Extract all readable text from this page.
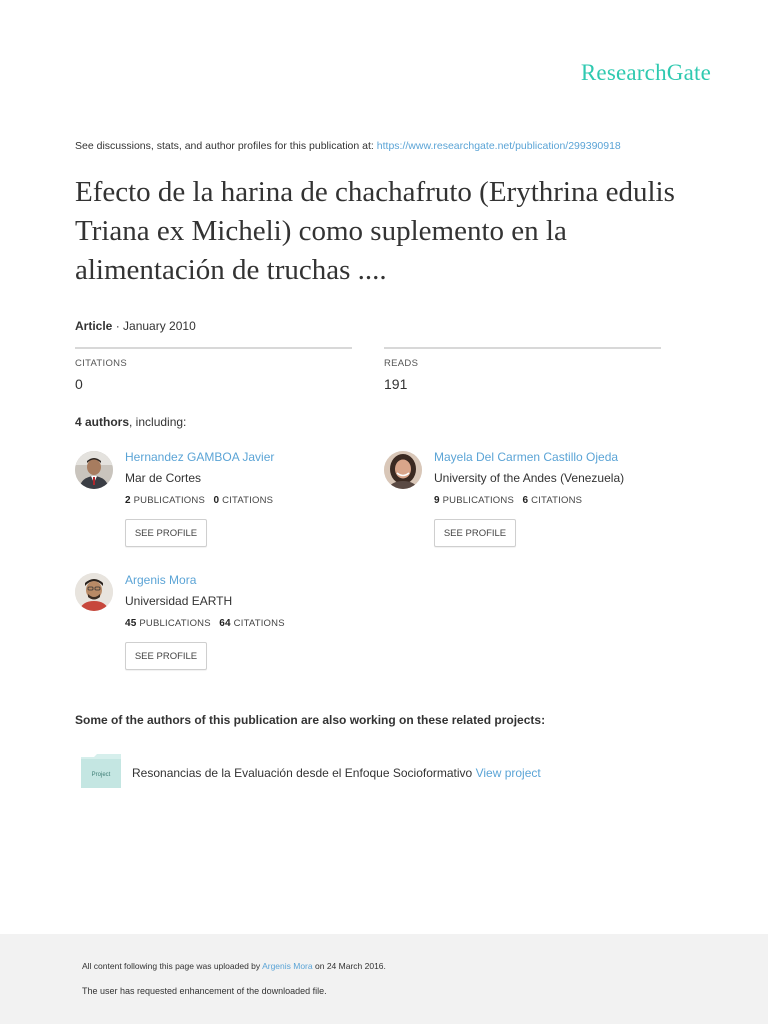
ResearchGate
See discussions, stats, and author profiles for this publication at: https://www.researchgate.net/publication/299390918
Efecto de la harina de chachafruto (Erythrina edulis Triana ex Micheli) como suplemento en la alimentación de truchas ....
Article · January 2010
CITATIONS
0
READS
191
4 authors, including:
Hernandez GAMBOA Javier
Mar de Cortes
2 PUBLICATIONS 0 CITATIONS
SEE PROFILE
Mayela Del Carmen Castillo Ojeda
University of the Andes (Venezuela)
9 PUBLICATIONS 6 CITATIONS
SEE PROFILE
Argenis Mora
Universidad EARTH
45 PUBLICATIONS 64 CITATIONS
SEE PROFILE
Some of the authors of this publication are also working on these related projects:
Project Resonancias de la Evaluación desde el Enfoque Socioformativo View project
All content following this page was uploaded by Argenis Mora on 24 March 2016.
The user has requested enhancement of the downloaded file.
